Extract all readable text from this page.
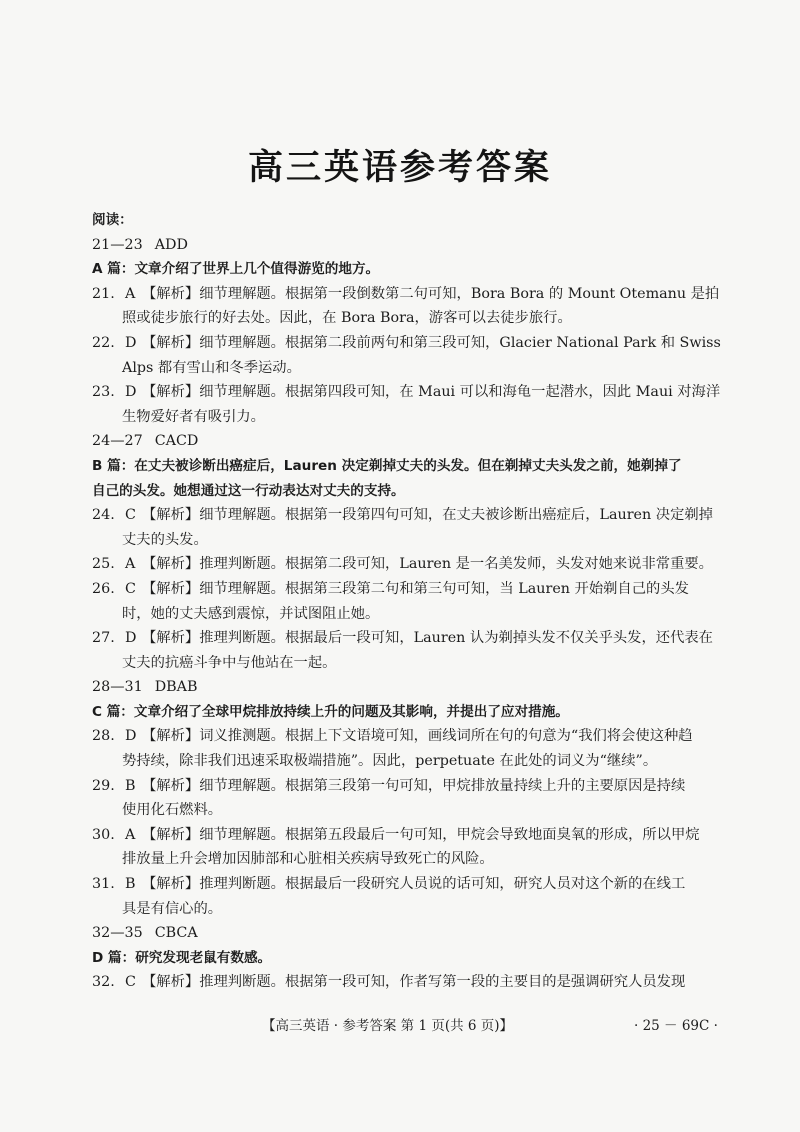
高三英语参考答案
阅读：
21—23 ADD
A 篇：文章介绍了世界上几个值得游览的地方。
21. A 【解析】细节理解题。根据第一段倒数第二句可知，Bora Bora 的 Mount Otemanu 是拍
照或徒步旅行的好去处。因此，在 Bora Bora，游客可以去徒步旅行。
22. D 【解析】细节理解题。根据第二段前两句和第三段可知，Glacier National Park 和 Swiss
Alps 都有雪山和冬季运动。
23. D 【解析】细节理解题。根据第四段可知，在 Maui 可以和海龟一起潜水，因此 Maui 对海洋
生物爱好者有吸引力。
24—27 CACD
B 篇：在丈夫被诊断出癌症后，Lauren 决定剃掉丈夫的头发。但在剃掉丈夫头发之前，她剃掉了
自己的头发。她想通过这一行动表达对丈夫的支持。
24. C 【解析】细节理解题。根据第一段第四句可知，在丈夫被诊断出癌症后，Lauren 决定剃掉
丈夫的头发。
25. A 【解析】推理判断题。根据第二段可知，Lauren 是一名美发师，头发对她来说非常重要。
26. C 【解析】细节理解题。根据第三段第二句和第三句可知，当 Lauren 开始剃自己的头发
时，她的丈夫感到震惊，并试图阻止她。
27. D 【解析】推理判断题。根据最后一段可知，Lauren 认为剃掉头发不仅关乎头发，还代表在
丈夫的抗癌斗争中与他站在一起。
28—31 DBAB
C 篇：文章介绍了全球甲烷排放持续上升的问题及其影响，并提出了应对措施。
28. D 【解析】词义推测题。根据上下文语境可知，画线词所在句的句意为“我们将会使这种趋
势持续，除非我们迅速采取极端措施”。因此，perpetuate 在此处的词义为“继续”。
29. B 【解析】细节理解题。根据第三段第一句可知，甲烷排放量持续上升的主要原因是持续
使用化石燃料。
30. A 【解析】细节理解题。根据第五段最后一句可知，甲烷会导致地面臭氧的形成，所以甲烷
排放量上升会增加因肺部和心脏相关疾病导致死亡的风险。
31. B 【解析】推理判断题。根据最后一段研究人员说的话可知，研究人员对这个新的在线工
具是有信心的。
32—35 CBCA
D 篇：研究发现老鼠有数感。
32. C 【解析】推理判断题。根据第一段可知，作者写第一段的主要目的是强调研究人员发现
【高三英语 · 参考答案 第 1 页(共 6 页)】	· 25 － 69C ·
